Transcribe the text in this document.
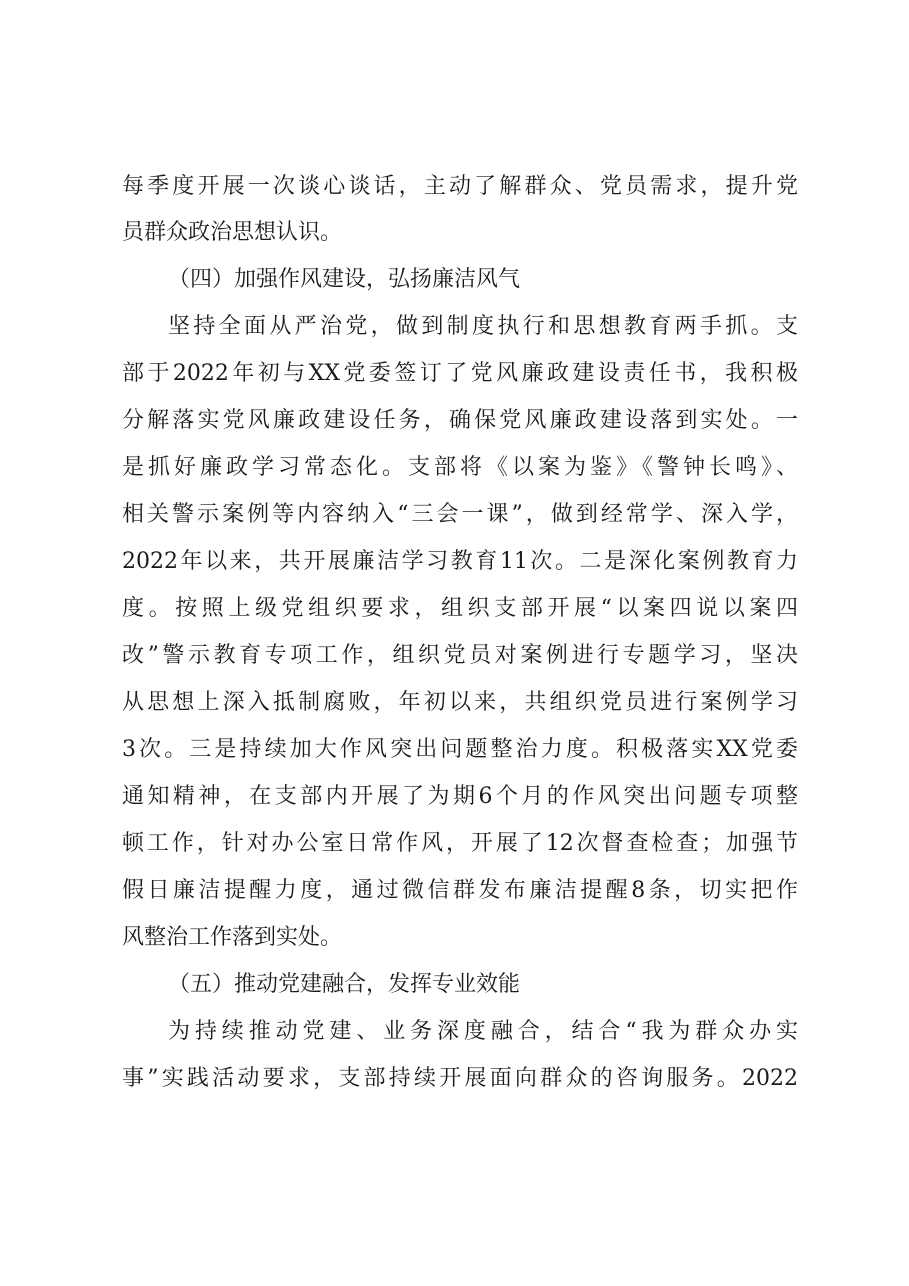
每季度开展一次谈心谈话，主动了解群众、党员需求，提升党
员群众政治思想认识。
（四）加强作风建设，弘扬廉洁风气
坚持全面从严治党，做到制度执行和思想教育两手抓。支
部于2022年初与XX党委签订了党风廉政建设责任书，我积极
分解落实党风廉政建设任务，确保党风廉政建设落到实处。一
是抓好廉政学习常态化。支部将《以案为鉴》《警钟长鸣》、
相关警示案例等内容纳入“三会一课”，做到经常学、深入学，
2022年以来，共开展廉洁学习教育11次。二是深化案例教育力
度。按照上级党组织要求，组织支部开展“以案四说以案四
改”警示教育专项工作，组织党员对案例进行专题学习，坚决
从思想上深入抵制腐败，年初以来，共组织党员进行案例学习
3次。三是持续加大作风突出问题整治力度。积极落实XX党委
通知精神，在支部内开展了为期6个月的作风突出问题专项整
顿工作，针对办公室日常作风，开展了12次督查检查；加强节
假日廉洁提醒力度，通过微信群发布廉洁提醒8条，切实把作
风整治工作落到实处。
（五）推动党建融合，发挥专业效能
为持续推动党建、业务深度融合，结合“我为群众办实
事”实践活动要求，支部持续开展面向群众的咨询服务。2022
